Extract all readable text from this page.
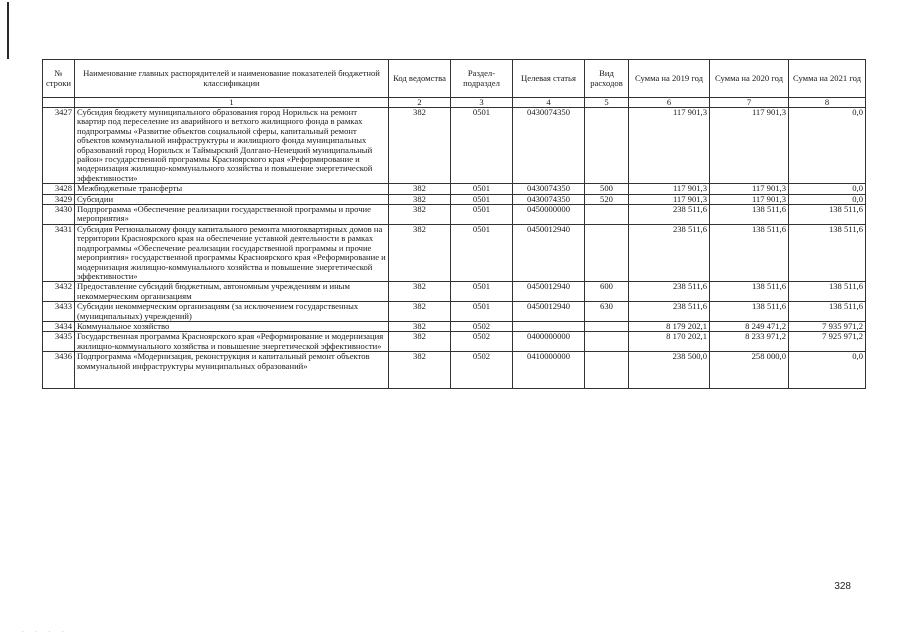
№ строки	Наименование главных распорядителей и наименование показателей бюджетной классификации	Код ведомства	Раздел-подраздел	Целевая статья	Вид расходов	Сумма на 2019 год	Сумма на 2020 год	Сумма на 2021 год
	1	2	3	4	5	6	7	8
3427	Субсидия бюджету муниципального образования город Норильск на ремонт квартир под переселение из аварийного и ветхого жилищного фонда в рамках подпрограммы «Развитие объектов социальной сферы, капитальный ремонт объектов коммунальной инфраструктуры и жилищного фонда муниципальных образований город Норильск и Таймырский Долгано-Ненецкий муниципальный район» государственной программы Красноярского края «Реформирование и модернизация жилищно-коммунального хозяйства и повышение энергетической эффективности»	382	0501	0430074350		117 901,3	117 901,3	0,0
3428	Межбюджетные трансферты	382	0501	0430074350	500	117 901,3	117 901,3	0,0
3429	Субсидии	382	0501	0430074350	520	117 901,3	117 901,3	0,0
3430	Подпрограмма «Обеспечение реализации государственной программы и прочие мероприятия»	382	0501	0450000000		238 511,6	138 511,6	138 511,6
3431	Субсидия Региональному фонду капитального ремонта многоквартирных домов на территории Красноярского края на обеспечение уставной деятельности в рамках подпрограммы «Обеспечение реализации государственной программы и прочие мероприятия» государственной программы Красноярского края «Реформирование и модернизация жилищно-коммунального хозяйства и повышение энергетической эффективности»	382	0501	0450012940		238 511,6	138 511,6	138 511,6
3432	Предоставление субсидий бюджетным, автономным учреждениям и иным некоммерческим организациям	382	0501	0450012940	600	238 511,6	138 511,6	138 511,6
3433	Субсидии некоммерческим организациям (за исключением государственных (муниципальных) учреждений)	382	0501	0450012940	630	238 511,6	138 511,6	138 511,6
3434	Коммунальное хозяйство	382	0502			8 179 202,1	8 249 471,2	7 935 971,2
3435	Государственная программа Красноярского края «Реформирование и модернизация жилищно-коммунального хозяйства и повышение энергетической эффективности»	382	0502	0400000000		8 170 202,1	8 233 971,2	7 925 971,2
3436	Подпрограмма «Модернизация, реконструкция и капитальный ремонт объектов коммунальной инфраструктуры муниципальных образований»	382	0502	0410000000		238 500,0	258 000,0	0,0
328
. . . .
